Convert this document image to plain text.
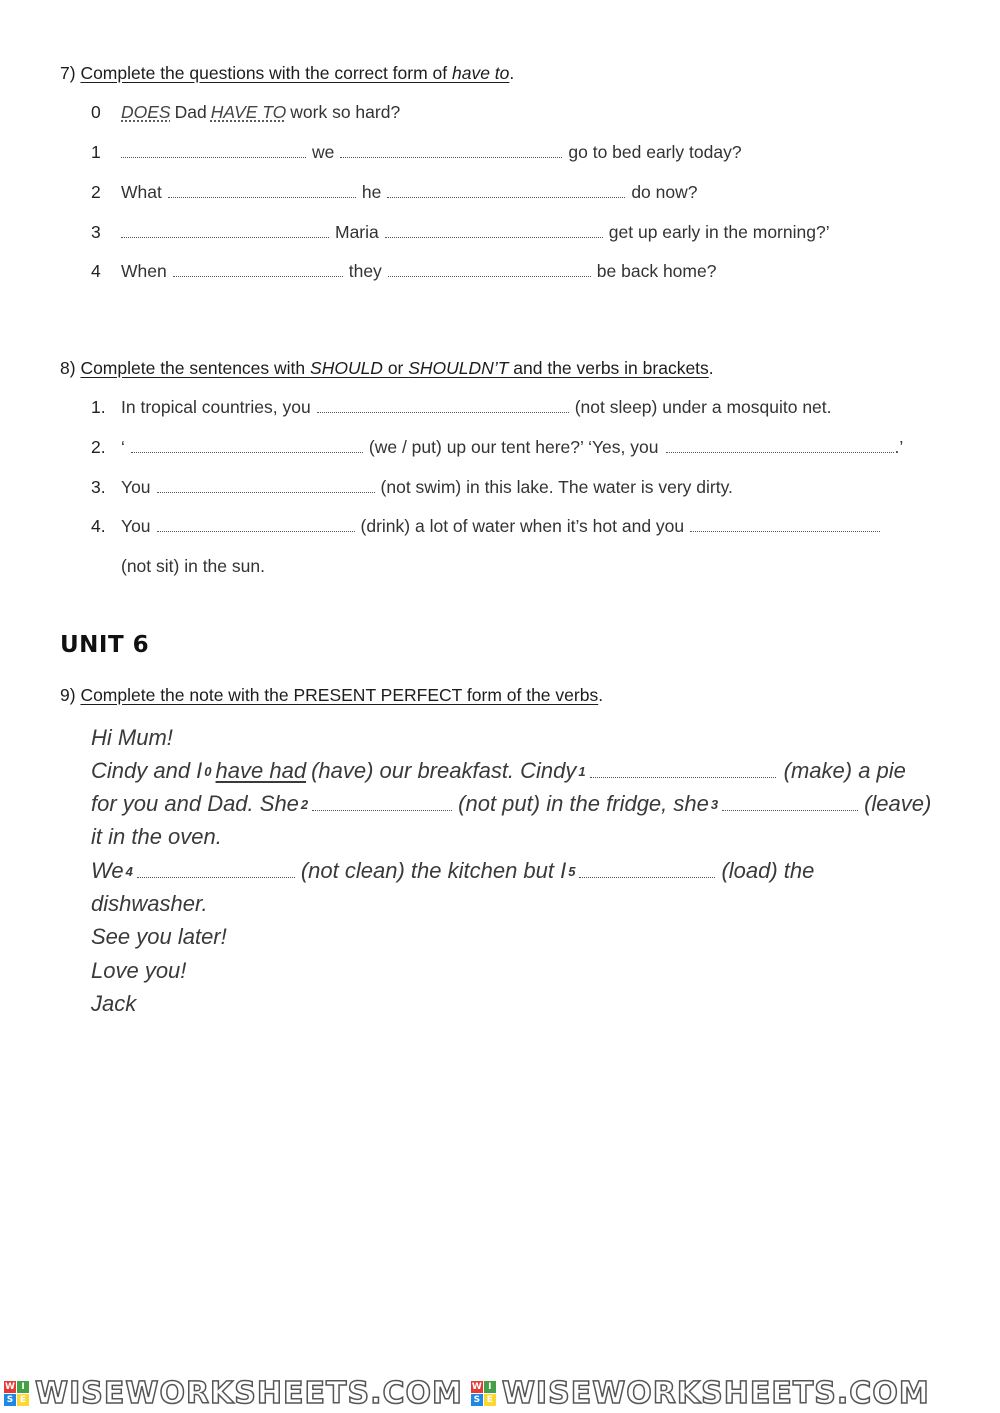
7) Complete the questions with the correct form of have to.
0	DOES Dad HAVE TO work so hard?
1	we	go to bed early today?
2	What	he	do now?
3	Maria	get up early in the morning?’
4	When	they	be back home?
8) Complete the sentences with SHOULD or SHOULDN’T and the verbs in brackets.
1. In tropical countries, you	(not sleep) under a mosquito net.
2. ‘	(we / put) up our tent here?’ ‘Yes, you	.’
3. You	(not swim) in this lake. The water is very dirty.
4. You	(drink) a lot of water when it’s hot and you
(not sit) in the sun.
UNIT 6
9) Complete the note with the PRESENT PERFECT form of the verbs.
Hi Mum!
Cindy and $I^0$ have had (have) our breakfast. Cindy$^1$	(make) a pie
for you and Dad. She$^2$	(not put) in the fridge, she$^3$	(leave)
it in the oven.
We$^4$	(not clean) the kitchen but $I^5$	(load) the
dishwasher.
See you later!
Love you!
Jack
W I
S E WISEWORKSHEETS.COM W I
S E WISEWORKSHEETS.COM
